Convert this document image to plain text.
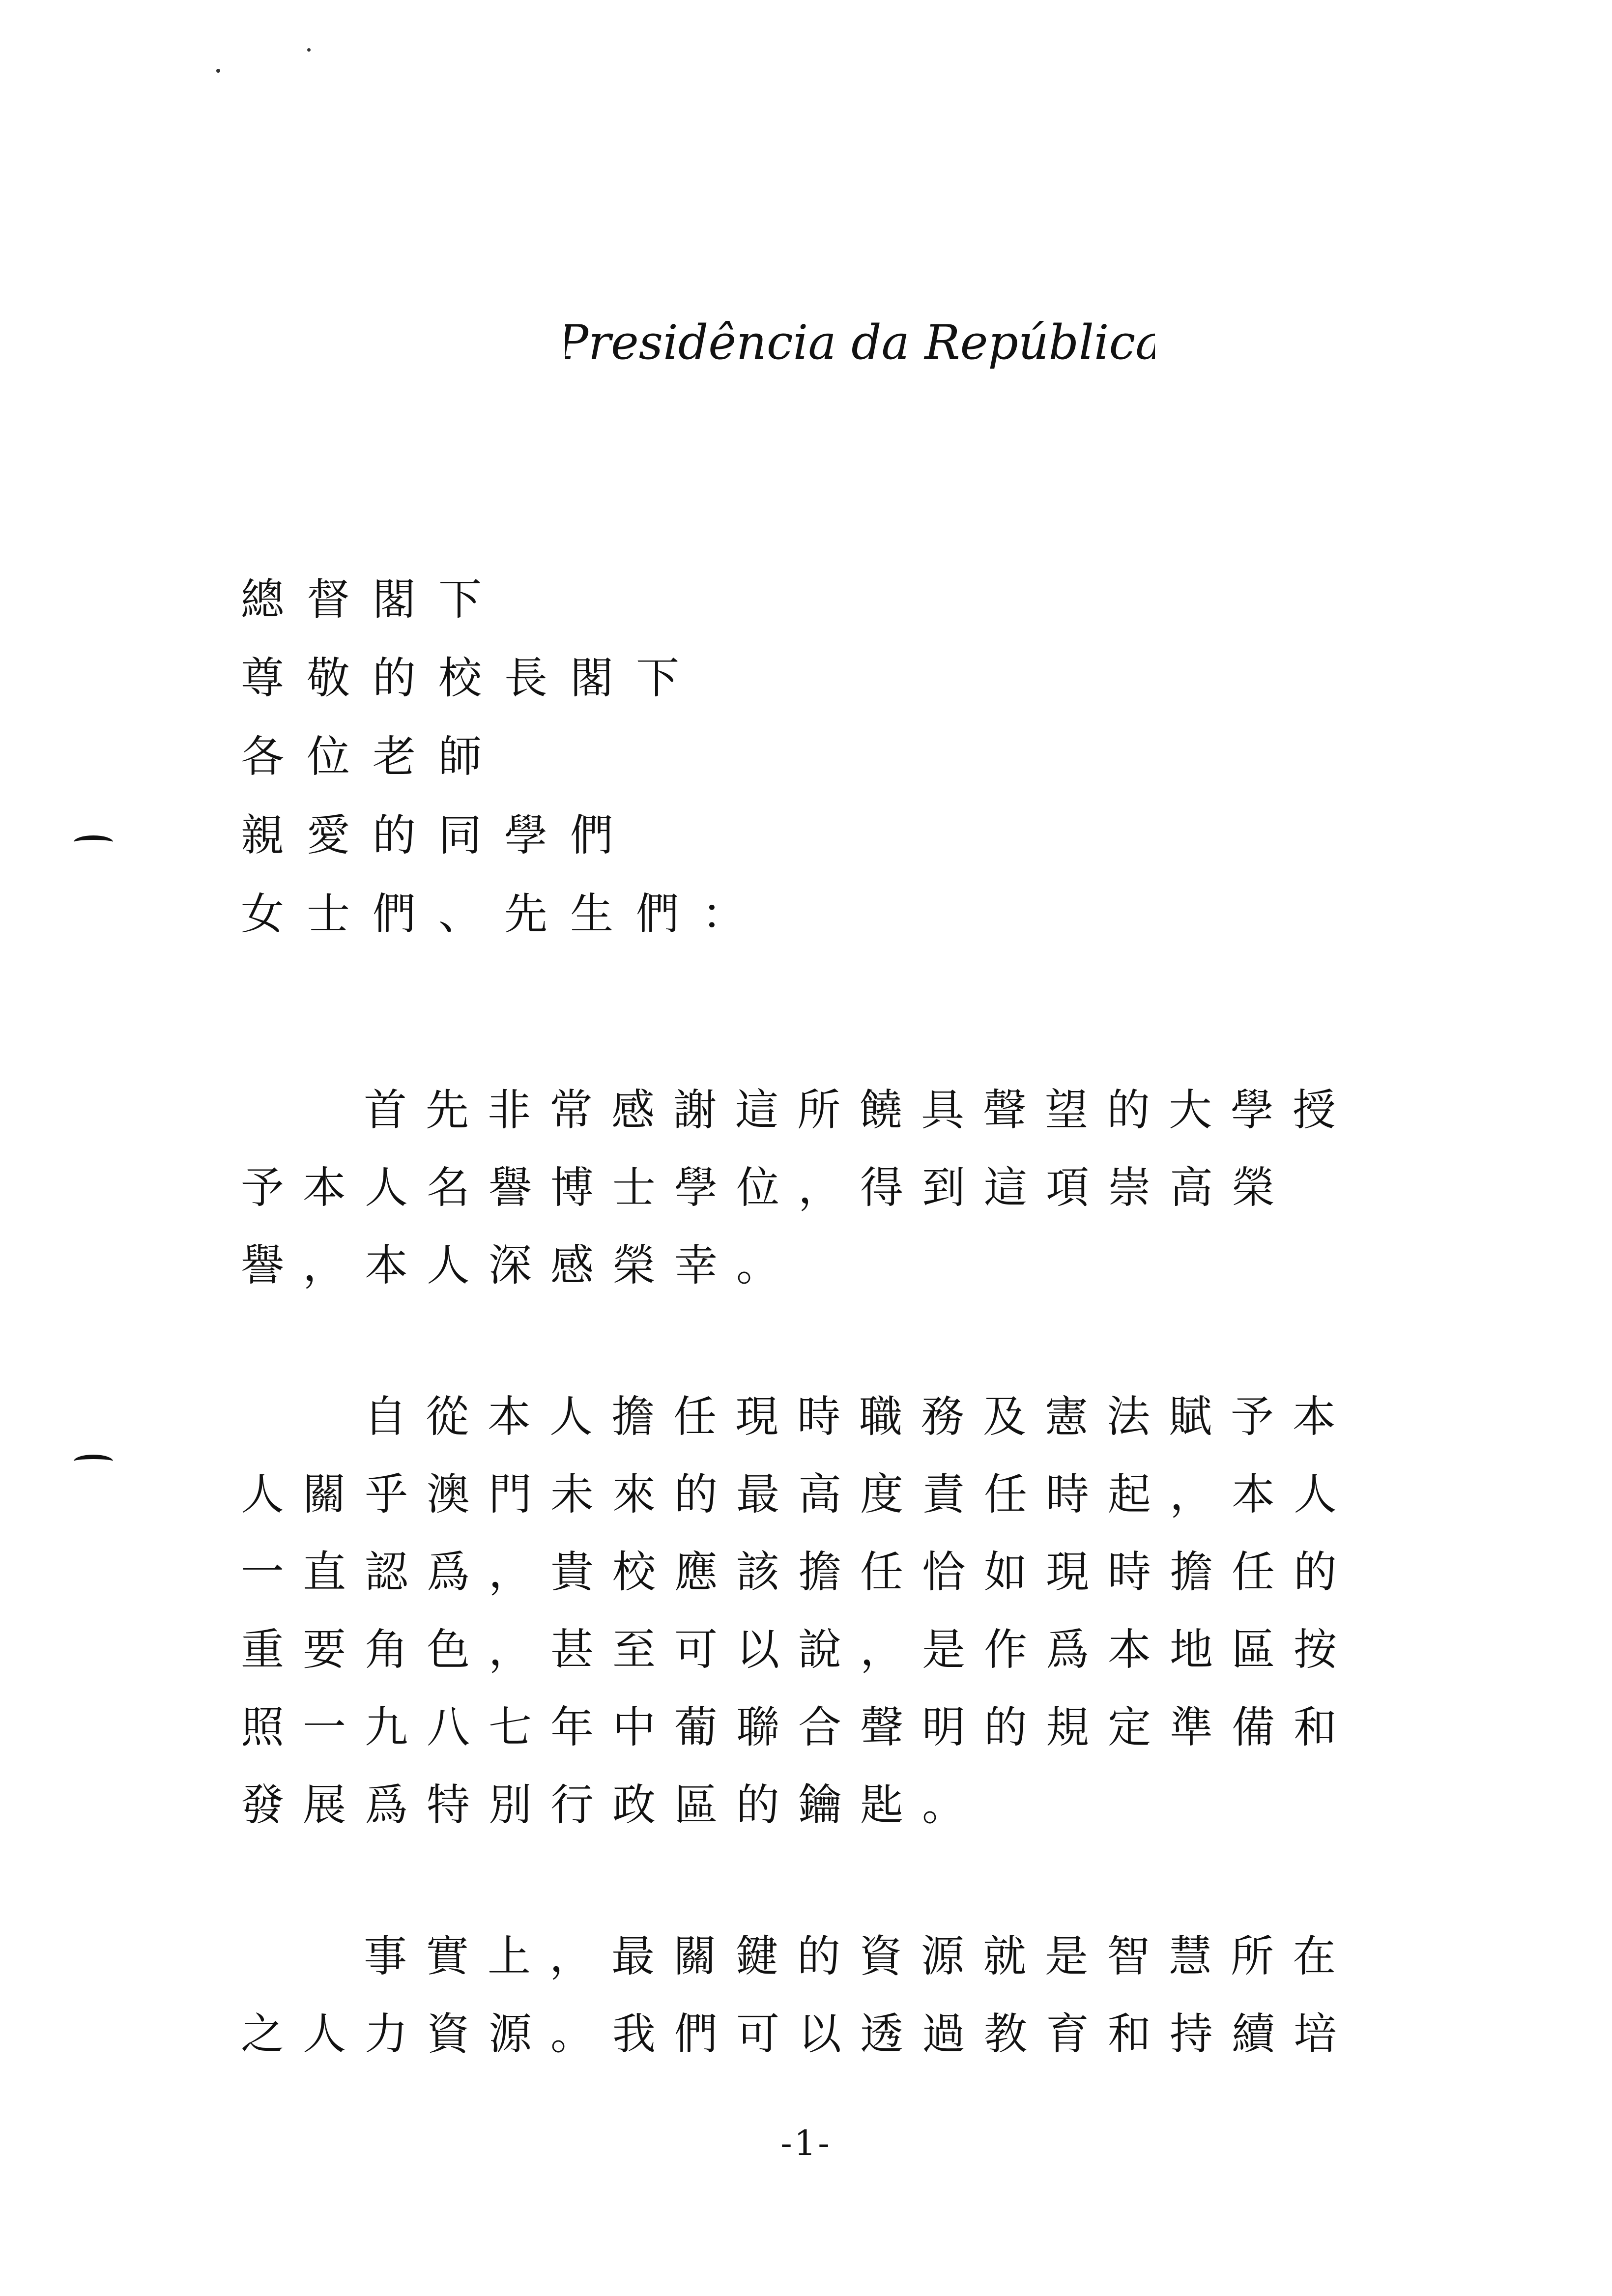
Presidência da República
總督閣下
尊敬的校長閣下
各位老師
親愛的同學們
女士們、先生們：
首先非常感謝這所饒具聲望的大學授
予本人名譽博士學位，得到這項崇高榮
譽，本人深感榮幸。
自從本人擔任現時職務及憲法賦予本
人關乎澳門未來的最高度責任時起，本人
一直認爲，貴校應該擔任恰如現時擔任的
重要角色，甚至可以說，是作爲本地區按
照一九八七年中葡聯合聲明的規定準備和
發展爲特別行政區的鑰匙。
事實上，最關鍵的資源就是智慧所在
之人力資源。我們可以透過教育和持續培
-1-
